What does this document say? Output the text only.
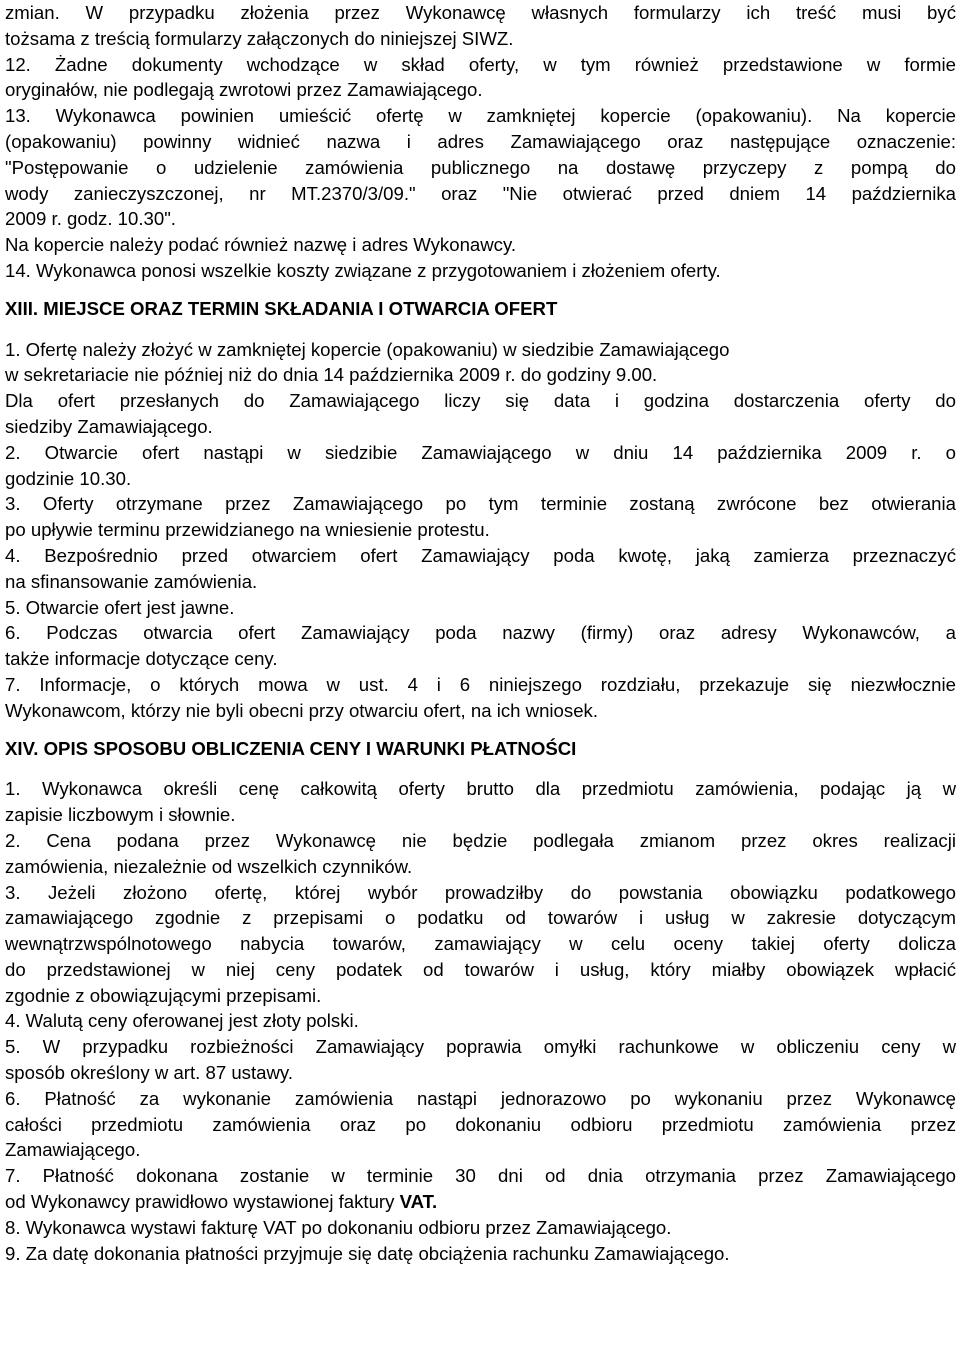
zmian. W przypadku złożenia przez Wykonawcę własnych formularzy ich treść musi być
tożsama z treścią formularzy załączonych do niniejszej SIWZ.
12. Żadne dokumenty wchodzące w skład oferty, w tym również przedstawione w formie
oryginałów, nie podlegają zwrotowi przez Zamawiającego.
13. Wykonawca powinien umieścić ofertę w zamkniętej kopercie (opakowaniu). Na kopercie
(opakowaniu) powinny widnieć nazwa i adres Zamawiającego oraz następujące oznaczenie:
"Postępowanie o udzielenie zamówienia publicznego na dostawę przyczepy z pompą do
wody zanieczyszczonej, nr MT.2370/3/09." oraz "Nie otwierać przed dniem 14 października
2009 r. godz. 10.30".
Na kopercie należy podać również nazwę i adres Wykonawcy.
14. Wykonawca ponosi wszelkie koszty związane z przygotowaniem i złożeniem oferty.
XIII. MIEJSCE ORAZ TERMIN SKŁADANIA I OTWARCIA OFERT
1. Ofertę należy złożyć w zamkniętej kopercie (opakowaniu) w siedzibie Zamawiającego
w sekretariacie nie później niż do dnia 14 października 2009 r. do godziny 9.00.
Dla ofert przesłanych do Zamawiającego liczy się data i godzina dostarczenia oferty do
siedziby Zamawiającego.
2. Otwarcie ofert nastąpi w siedzibie Zamawiającego w dniu 14 października 2009 r. o
godzinie 10.30.
3. Oferty otrzymane przez Zamawiającego po tym terminie zostaną zwrócone bez otwierania
po upływie terminu przewidzianego na wniesienie protestu.
4. Bezpośrednio przed otwarciem ofert Zamawiający poda kwotę, jaką zamierza przeznaczyć
na sfinansowanie zamówienia.
5. Otwarcie ofert jest jawne.
6. Podczas otwarcia ofert Zamawiający poda nazwy (firmy) oraz adresy Wykonawców, a
także informacje dotyczące ceny.
7. Informacje, o których mowa w ust. 4 i 6 niniejszego rozdziału, przekazuje się niezwłocznie
Wykonawcom, którzy nie byli obecni przy otwarciu ofert, na ich wniosek.
XIV. OPIS SPOSOBU OBLICZENIA CENY I WARUNKI PŁATNOŚCI
1. Wykonawca określi cenę całkowitą oferty brutto dla przedmiotu zamówienia, podając ją w
zapisie liczbowym i słownie.
2. Cena podana przez Wykonawcę nie będzie podlegała zmianom przez okres realizacji
zamówienia, niezależnie od wszelkich czynników.
3. Jeżeli złożono ofertę, której wybór prowadziłby do powstania obowiązku podatkowego
zamawiającego zgodnie z przepisami o podatku od towarów i usług w zakresie dotyczącym
wewnątrzwspólnotowego nabycia towarów, zamawiający w celu oceny takiej oferty dolicza
do przedstawionej w niej ceny podatek od towarów i usług, który miałby obowiązek wpłacić
zgodnie z obowiązującymi przepisami.
4. Walutą ceny oferowanej jest złoty polski.
5. W przypadku rozbieżności Zamawiający poprawia omyłki rachunkowe w obliczeniu ceny w
sposób określony w art. 87 ustawy.
6. Płatność za wykonanie zamówienia nastąpi jednorazowo po wykonaniu przez Wykonawcę
całości przedmiotu zamówienia oraz po dokonaniu odbioru przedmiotu zamówienia przez
Zamawiającego.
7. Płatność dokonana zostanie w terminie 30 dni od dnia otrzymania przez Zamawiającego
od Wykonawcy prawidłowo wystawionej faktury VAT.
8. Wykonawca wystawi fakturę VAT po dokonaniu odbioru przez Zamawiającego.
9. Za datę dokonania płatności przyjmuje się datę obciążenia rachunku Zamawiającego.
